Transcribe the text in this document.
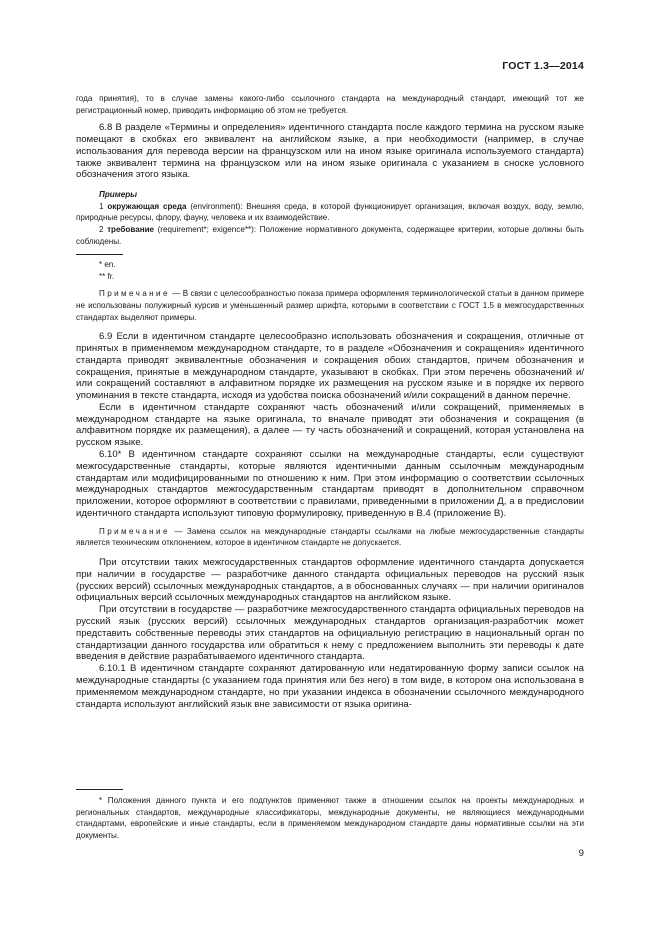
ГОСТ 1.3—2014

года принятия), то в случае замены какого-либо ссылочного стандарта на международный стандарт, имеющий тот же регистрационный номер, приводить информацию об этом не требуется.

6.8 В разделе «Термины и определения» идентичного стандарта после каждого термина на русском языке помещают в скобках его эквивалент на английском языке, а при необходимости (например, в случае использования для перевода версии на французском или на ином языке оригинала используемого стандарта) также эквивалент термина на французском или на ином языке оригинала с указанием в сноске условного обозначения этого языка.

Примеры

1 окружающая среда (environment): Внешняя среда, в которой функционирует организация, включая воздух, воду, землю, природные ресурсы, флору, фауну, человека и их взаимодействие.

2 требование (requirement*; exigence**): Положение нормативного документа, содержащее критерии, которые должны быть соблюдены.

* en.

** fr.

Примечание — В связи с целесообразностью показа примера оформления терминологической статьи в данном примере не использованы полужирный курсив и уменьшенный размер шрифта, которыми в соответствии с ГОСТ 1.5 в межгосударственных стандартах выделяют примеры.

6.9 Если в идентичном стандарте целесообразно использовать обозначения и сокращения, отличные от принятых в применяемом международном стандарте, то в разделе «Обозначения и сокращения» идентичного стандарта приводят эквивалентные обозначения и сокращения обоих стандартов, причем обозначения и сокращения, принятые в международном стандарте, указывают в скобках. При этом перечень обозначений и/или сокращений составляют в алфавитном порядке их размещения на русском языке и в порядке их первого упоминания в тексте стандарта, исходя из удобства поиска обозначений и/или сокращений в данном перечне.

Если в идентичном стандарте сохраняют часть обозначений и/или сокращений, применяемых в международном стандарте на языке оригинала, то вначале приводят эти обозначения и сокращения (в алфавитном порядке их размещения), а далее — ту часть обозначений и сокращений, которая установлена на русском языке.

6.10* В идентичном стандарте сохраняют ссылки на международные стандарты, если существуют межгосударственные стандарты, которые являются идентичными данным ссылочным международным стандартам или модифицированными по отношению к ним. При этом информацию о соответствии ссылочных международных стандартов межгосударственным стандартам приводят в дополнительном справочном приложении, которое оформляют в соответствии с правилами, приведенными в приложении Д, а в предисловии идентичного стандарта используют типовую формулировку, приведенную в В.4 (приложение В).

Примечание — Замена ссылок на международные стандарты ссылками на любые межгосударственные стандарты является техническим отклонением, которое в идентичном стандарте не допускается.

При отсутствии таких межгосударственных стандартов оформление идентичного стандарта допускается при наличии в государстве — разработчике данного стандарта официальных переводов на русский язык (русских версий) ссылочных международных стандартов, а в обоснованных случаях — при наличии оригиналов официальных версий ссылочных международных стандартов на английском языке.

При отсутствии в государстве — разработчике межгосударственного стандарта официальных переводов на русский язык (русских версий) ссылочных международных стандартов организация-разработчик может представить собственные переводы этих стандартов на официальную регистрацию в национальный орган по стандартизации данного государства или обратиться к нему с предложением выполнить эти переводы к дате введения в действие разрабатываемого идентичного стандарта.

6.10.1 В идентичном стандарте сохраняют датированную или недатированную форму записи ссылок на международные стандарты (с указанием года принятия или без него) в том виде, в котором она использована в применяемом международном стандарте, но при указании индекса в обозначении ссылочного международного стандарта используют английский язык вне зависимости от языка оригина-

* Положения данного пункта и его подпунктов применяют также в отношении ссылок на проекты международных и региональных стандартов, международные классификаторы, международные документы, не являющиеся международными стандартами, европейские и иные стандарты, если в применяемом международном стандарте даны нормативные ссылки на эти документы.

9
